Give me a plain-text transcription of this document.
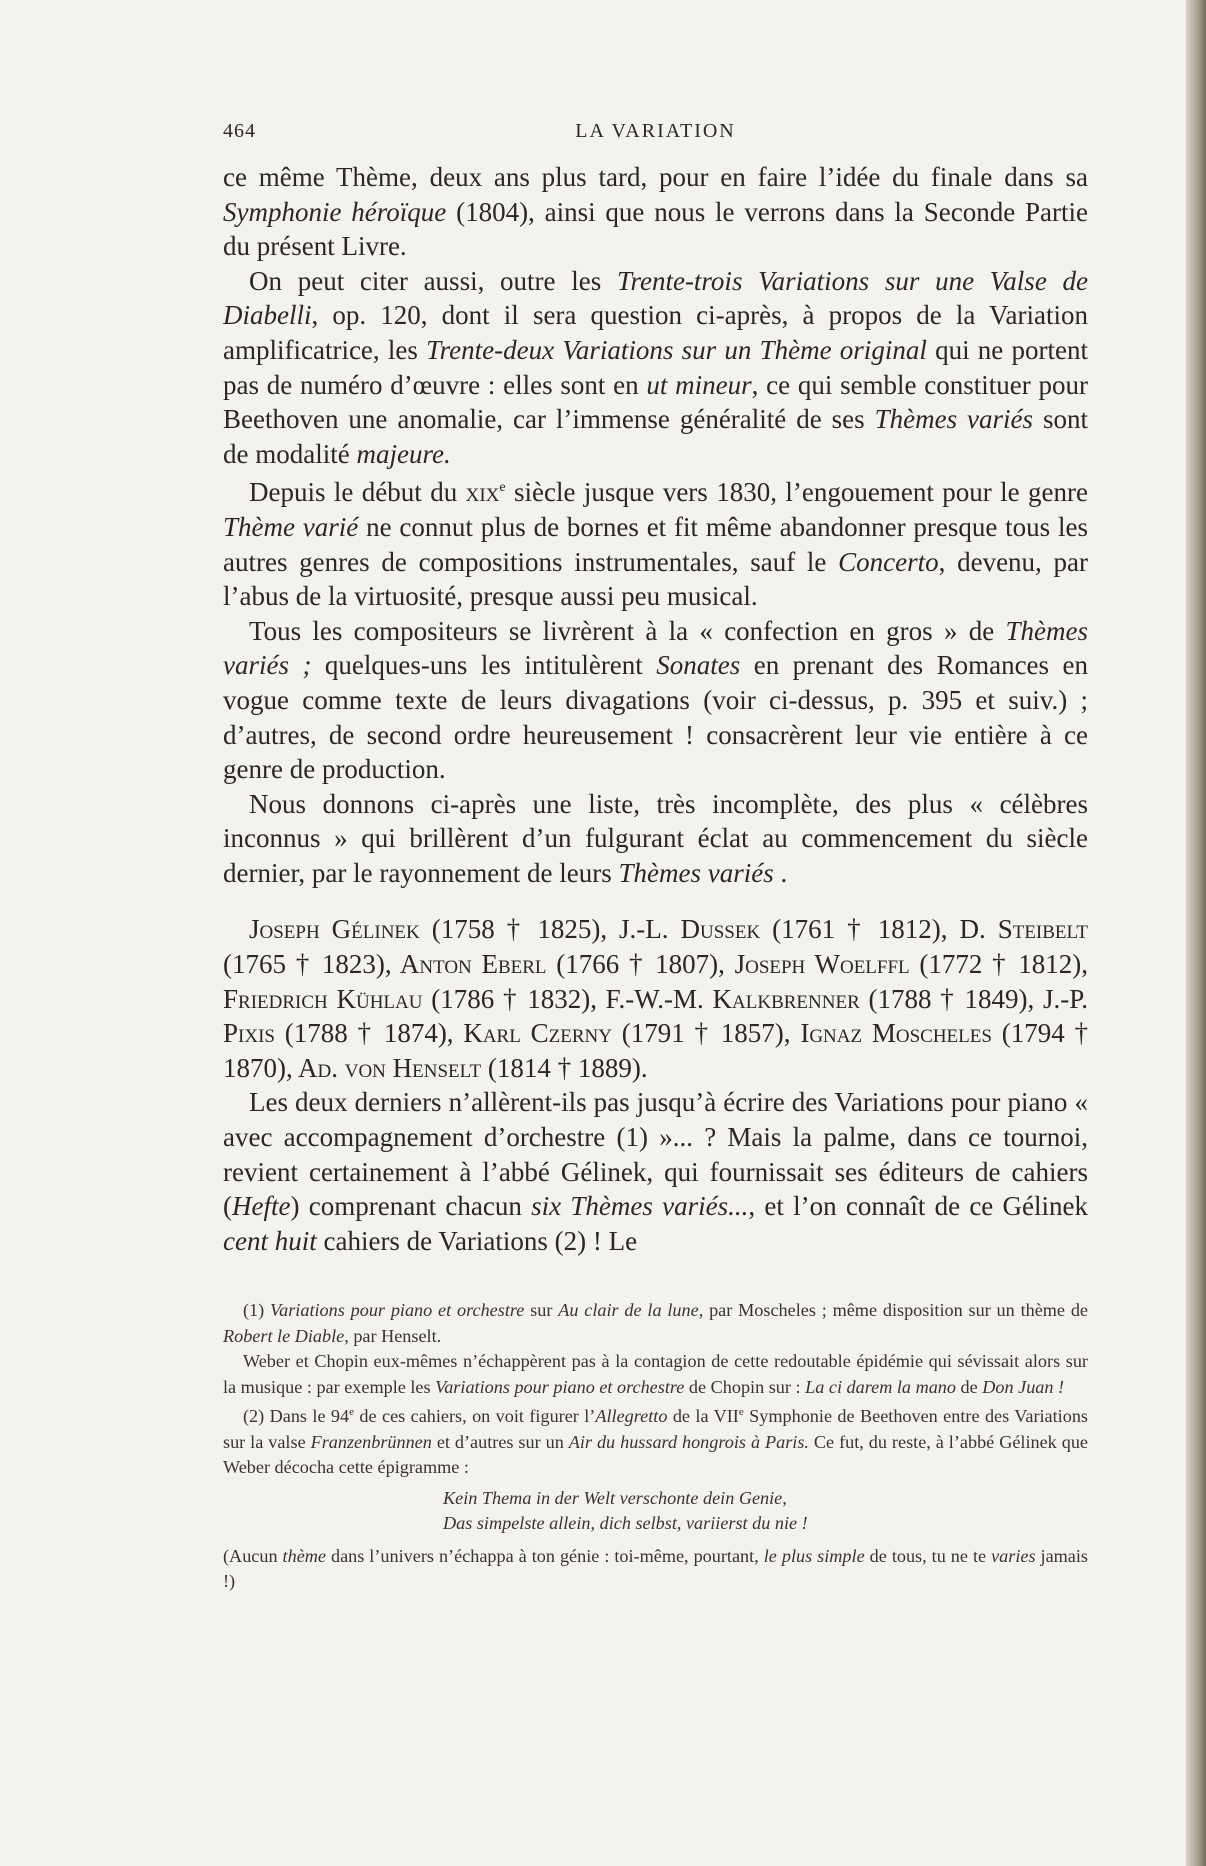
464	LA VARIATION

ce même Thème, deux ans plus tard, pour en faire l’idée du finale dans sa Symphonie héroïque (1804), ainsi que nous le verrons dans la Seconde Partie du présent Livre.

On peut citer aussi, outre les Trente-trois Variations sur une Valse de Diabelli, op. 120, dont il sera question ci-après, à propos de la Variation amplificatrice, les Trente-deux Variations sur un Thème original qui ne portent pas de numéro d’œuvre : elles sont en ut mineur, ce qui semble constituer pour Beethoven une anomalie, car l’immense généralité de ses Thèmes variés sont de modalité majeure.

Depuis le début du xix$^e$ siècle jusque vers 1830, l’engouement pour le genre Thème varié ne connut plus de bornes et fit même abandonner presque tous les autres genres de compositions instrumentales, sauf le Concerto, devenu, par l’abus de la virtuosité, presque aussi peu musical.

Tous les compositeurs se livrèrent à la « confection en gros » de Thèmes variés ; quelques-uns les intitulèrent Sonates en prenant des Romances en vogue comme texte de leurs divagations (voir ci-dessus, p. 395 et suiv.) ; d’autres, de second ordre heureusement ! consacrèrent leur vie entière à ce genre de production.

Nous donnons ci-après une liste, très incomplète, des plus « célèbres inconnus » qui brillèrent d’un fulgurant éclat au commencement du siècle dernier, par le rayonnement de leurs Thèmes variés .

Joseph Gélinek (1758 † 1825), J.-L. Dussek (1761 † 1812), D. Steibelt (1765 † 1823), Anton Eberl (1766 † 1807), Joseph Woelffl (1772 † 1812), Friedrich Kühlau (1786 † 1832), F.-W.-M. Kalkbrenner (1788 † 1849), J.-P. Pixis (1788 † 1874), Karl Czerny (1791 † 1857), Ignaz Moscheles (1794 † 1870), Ad. von Henselt (1814 † 1889).

Les deux derniers n’allèrent-ils pas jusqu’à écrire des Variations pour piano « avec accompagnement d’orchestre (1) »... ? Mais la palme, dans ce tournoi, revient certainement à l’abbé Gélinek, qui fournissait ses éditeurs de cahiers (Hefte) comprenant chacun six Thèmes variés..., et l’on connaît de ce Gélinek cent huit cahiers de Variations (2) ! Le

(1) Variations pour piano et orchestre sur Au clair de la lune, par Moscheles ; même disposition sur un thème de Robert le Diable, par Henselt.

Weber et Chopin eux-mêmes n’échappèrent pas à la contagion de cette redoutable épidémie qui sévissait alors sur la musique : par exemple les Variations pour piano et orchestre de Chopin sur : La ci darem la mano de Don Juan !

(2) Dans le 94e de ces cahiers, on voit figurer l’Allegretto de la VIIe Symphonie de Beethoven entre des Variations sur la valse Franzenbrünnen et d’autres sur un Air du hussard hongrois à Paris. Ce fut, du reste, à l’abbé Gélinek que Weber décocha cette épigramme :

Kein Thema in der Welt verschonte dein Genie,
Das simpelste allein, dich selbst, variierst du nie !

(Aucun thème dans l’univers n’échappa à ton génie : toi-même, pourtant, le plus simple de tous, tu ne te varies jamais !)
